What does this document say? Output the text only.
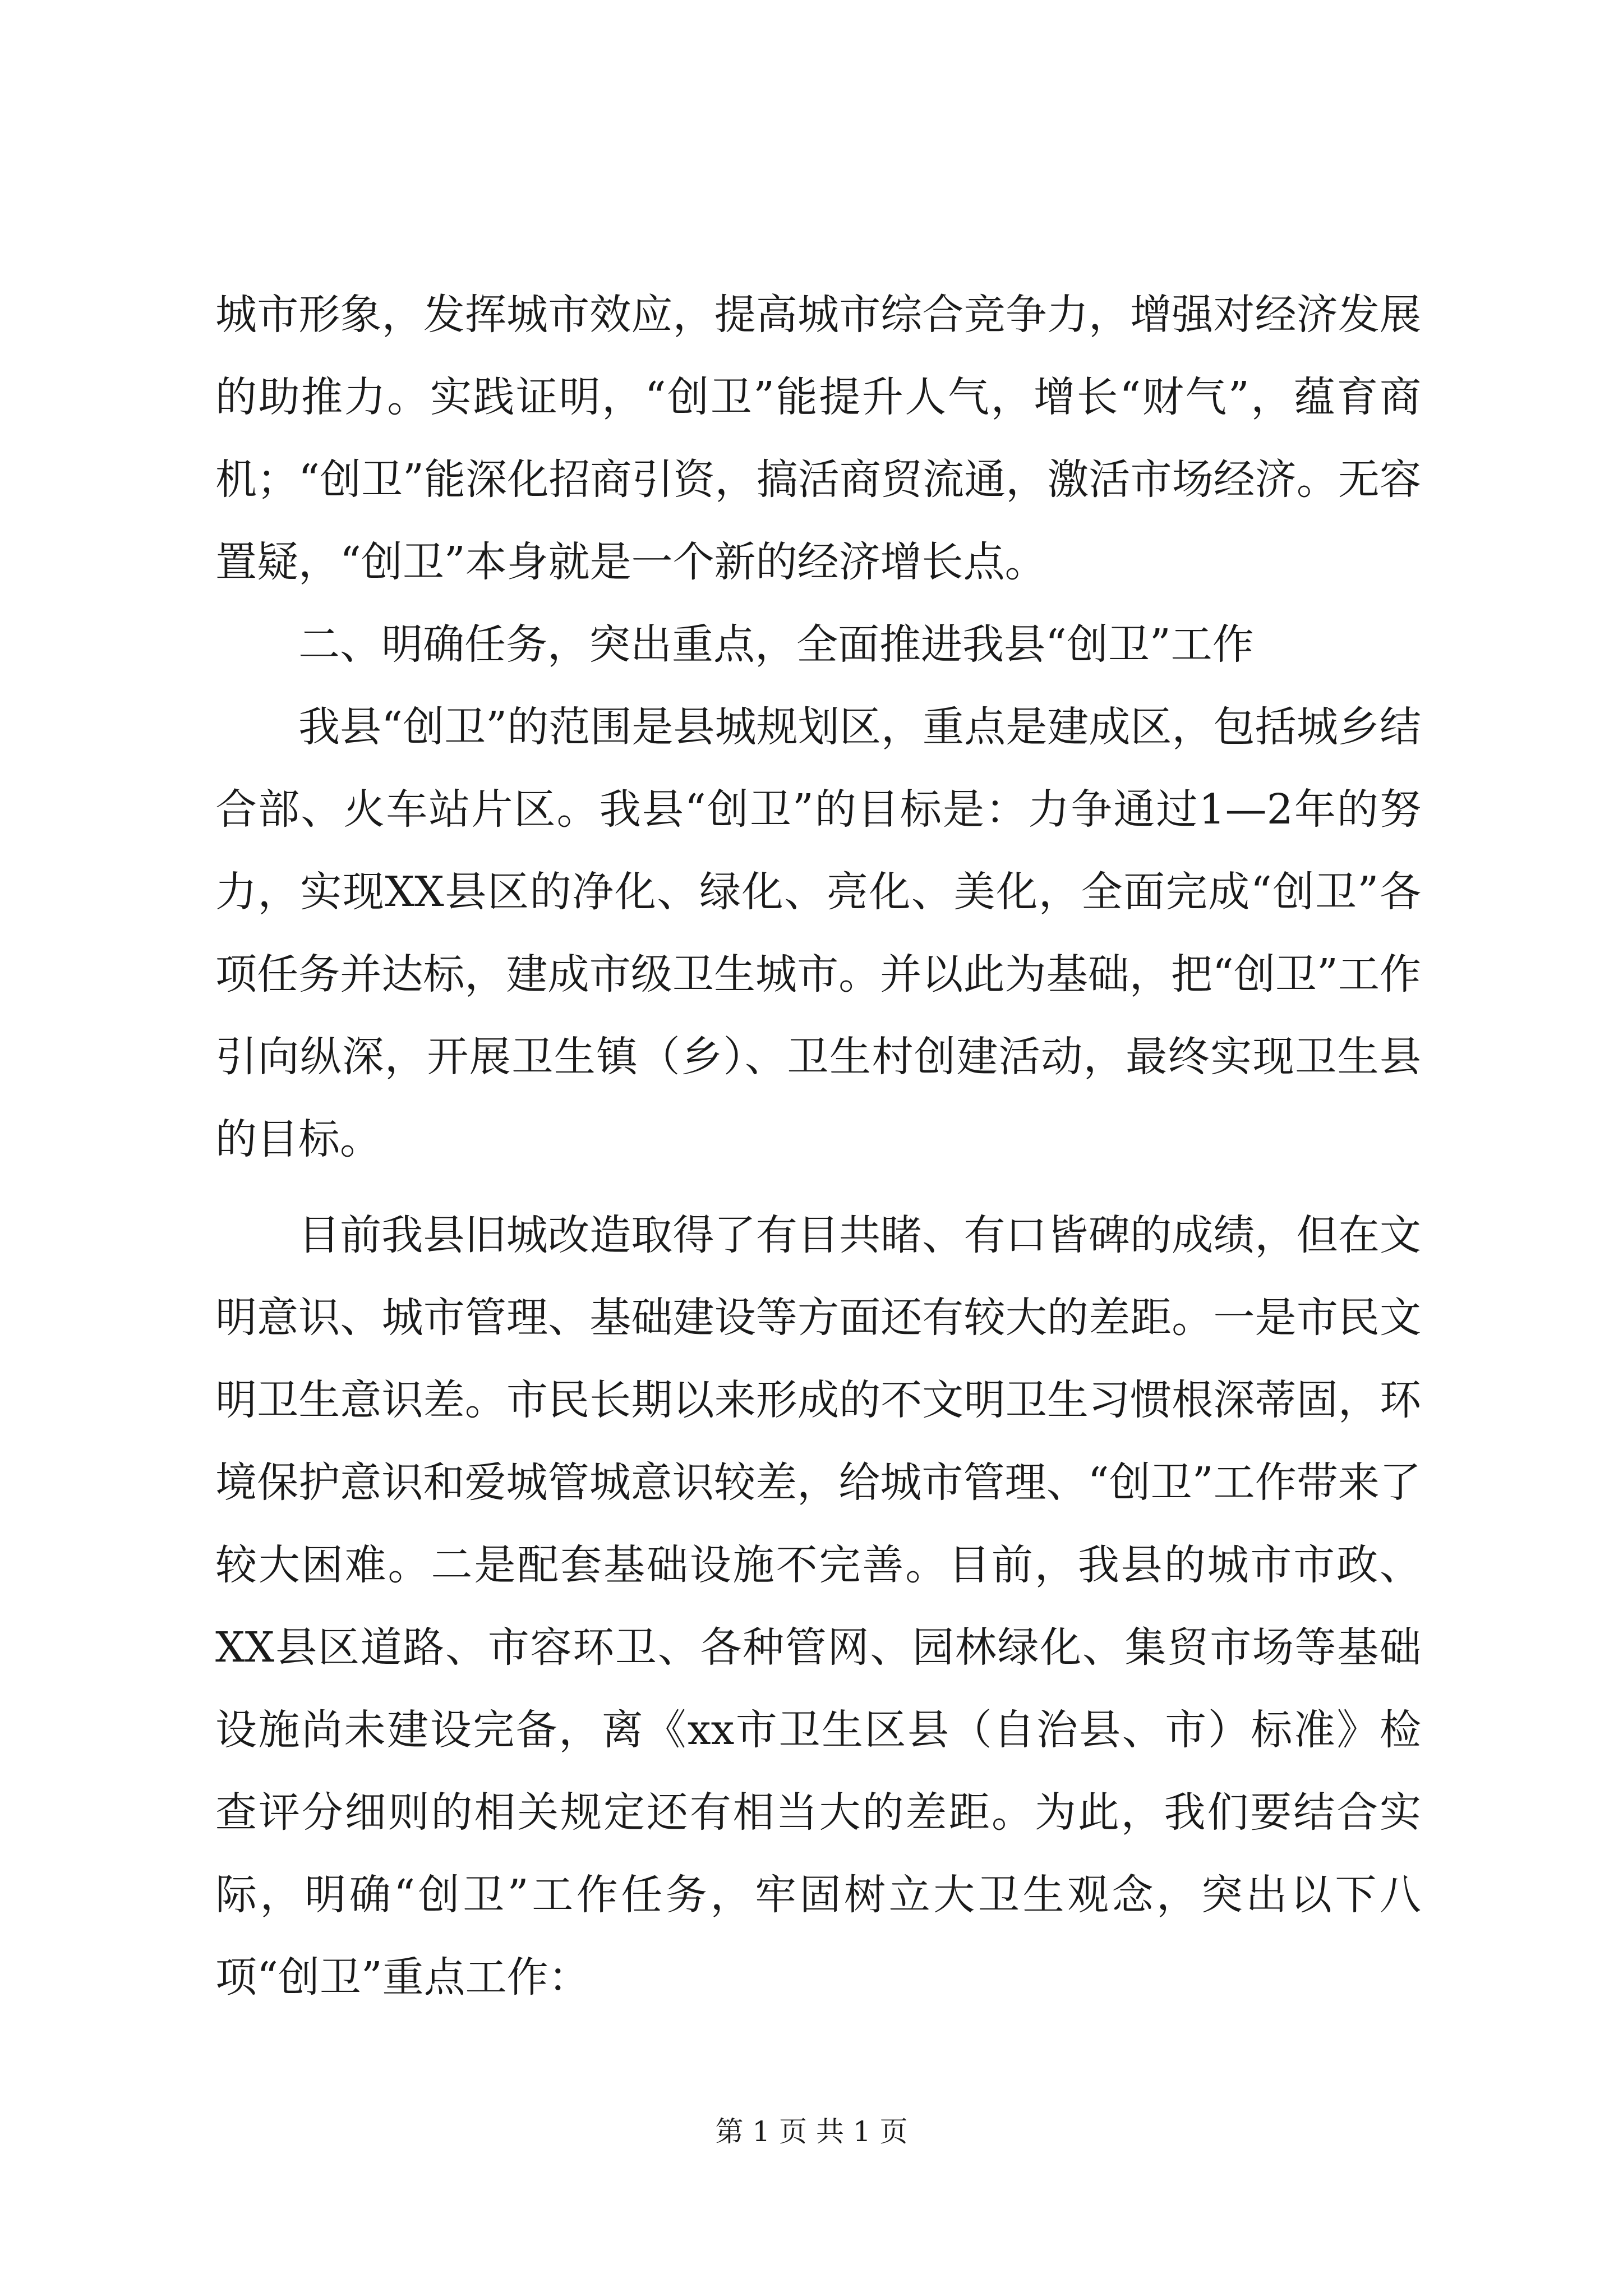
城市形象，发挥城市效应，提高城市综合竞争力，增强对经济发展的助推力。实践证明，“创卫”能提升人气，增长“财气”，蕴育商机；“创卫”能深化招商引资，搞活商贸流通，激活市场经济。无容置疑，“创卫”本身就是一个新的经济增长点。

二、明确任务，突出重点，全面推进我县“创卫”工作

我县“创卫”的范围是县城规划区，重点是建成区，包括城乡结合部、火车站片区。我县“创卫”的目标是：力争通过1—2年的努力，实现XX县区的净化、绿化、亮化、美化，全面完成“创卫”各项任务并达标，建成市级卫生城市。并以此为基础，把“创卫”工作引向纵深，开展卫生镇（乡）、卫生村创建活动，最终实现卫生县的目标。

目前我县旧城改造取得了有目共睹、有口皆碑的成绩，但在文明意识、城市管理、基础建设等方面还有较大的差距。一是市民文明卫生意识差。市民长期以来形成的不文明卫生习惯根深蒂固，环境保护意识和爱城管城意识较差，给城市管理、“创卫”工作带来了较大困难。二是配套基础设施不完善。目前，我县的城市市政、XX县区道路、市容环卫、各种管网、园林绿化、集贸市场等基础设施尚未建设完备，离《xx市卫生区县（自治县、市）标准》检查评分细则的相关规定还有相当大的差距。为此，我们要结合实际，明确“创卫”工作任务，牢固树立大卫生观念，突出以下八项“创卫”重点工作：

第 1 页 共 1 页
